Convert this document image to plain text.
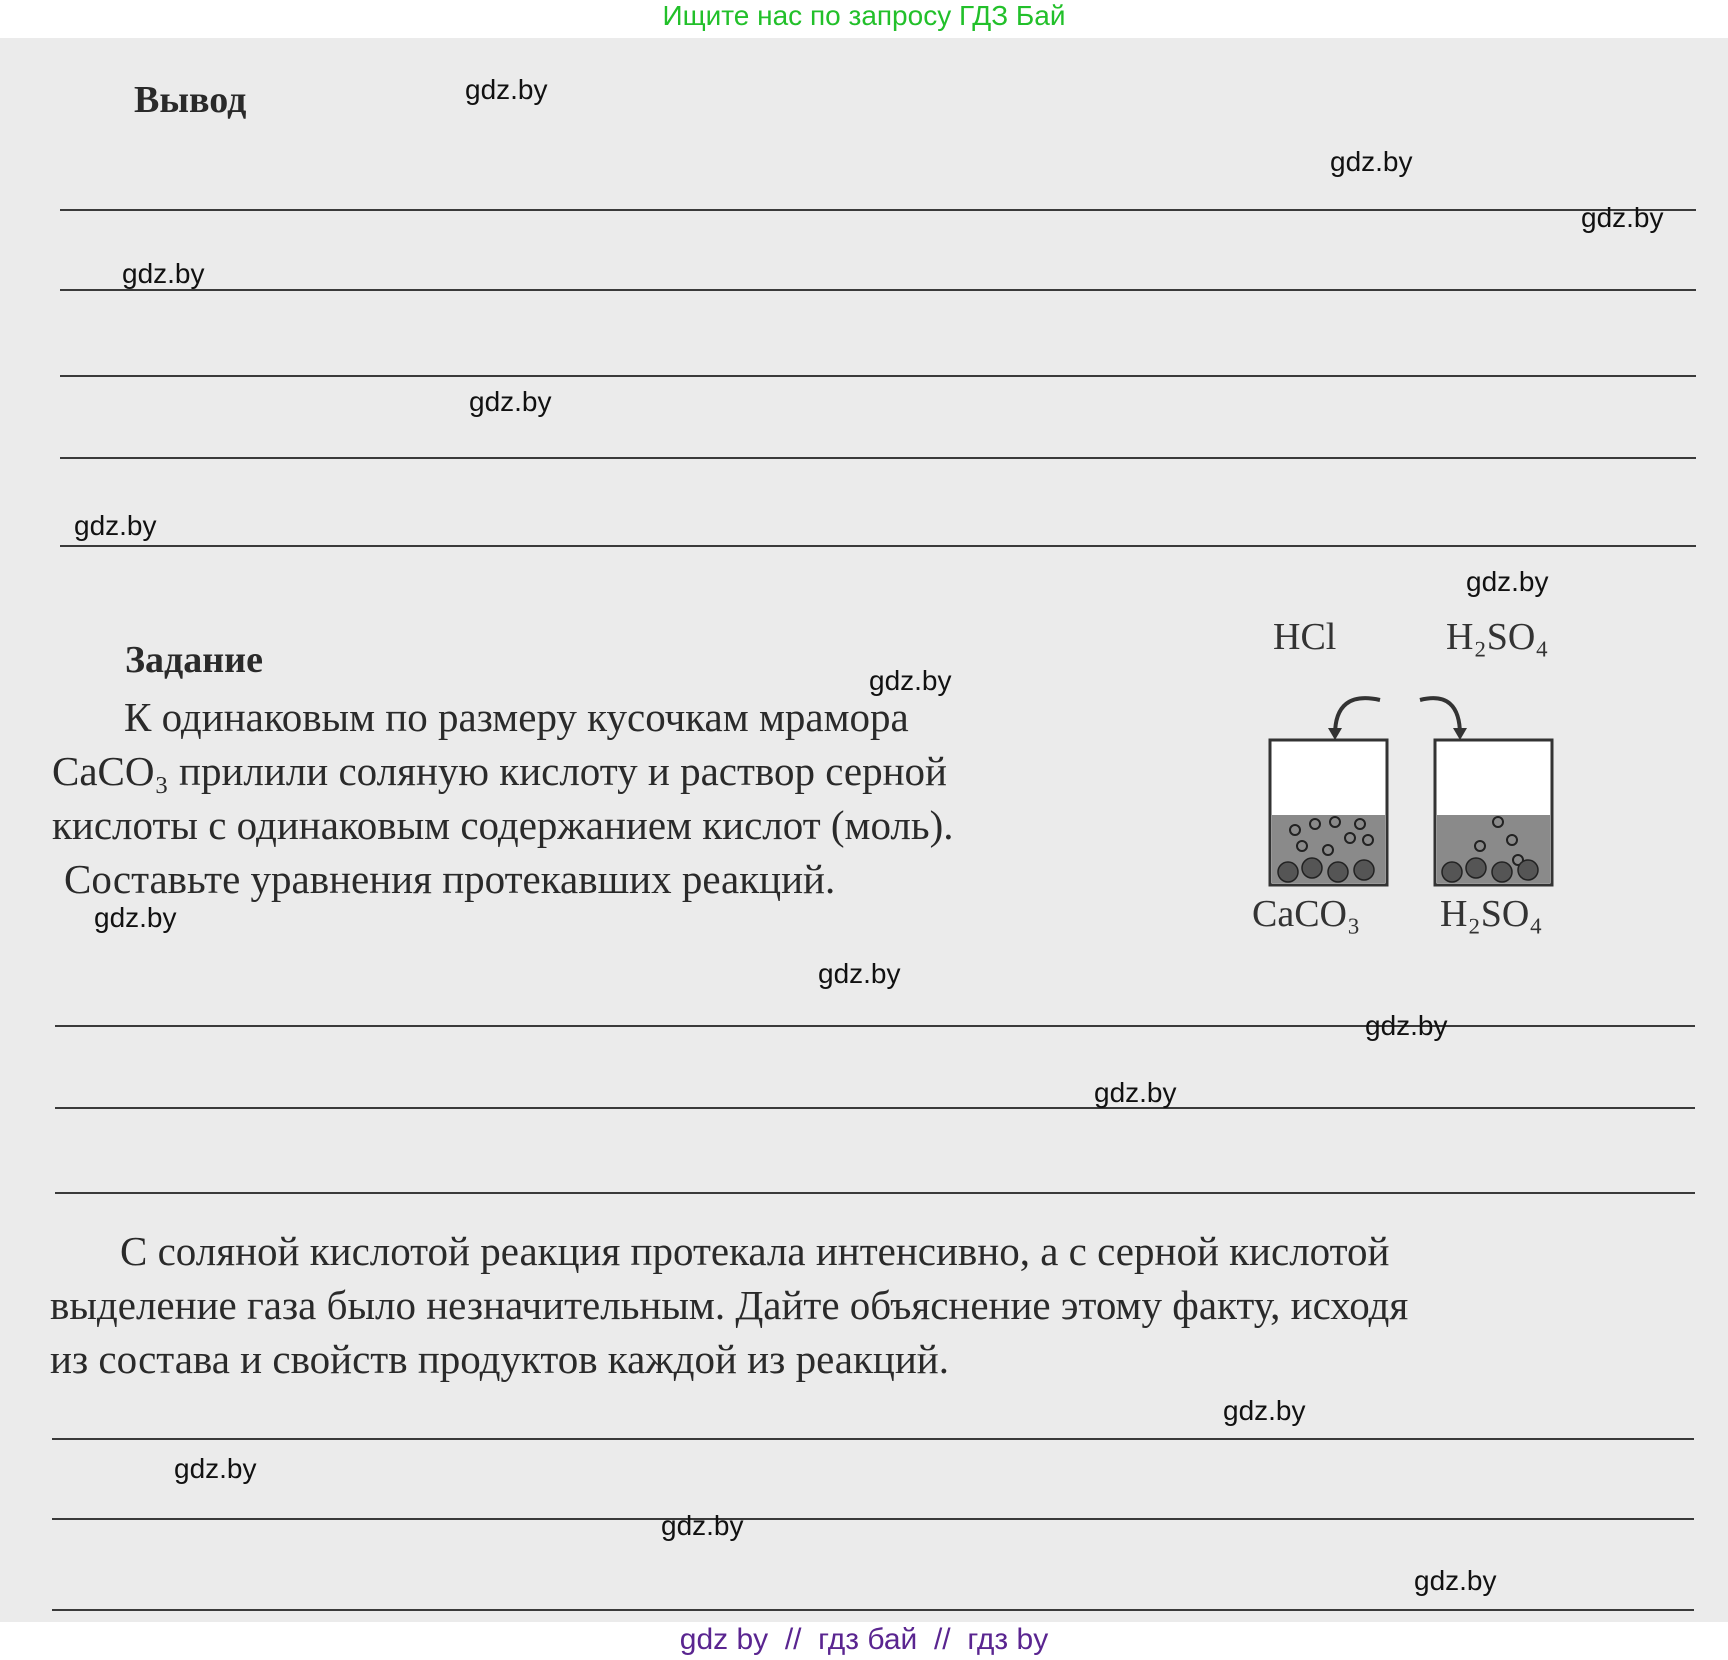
Ищите нас по запросу ГДЗ Бай
Вывод
Задание
К одинаковым по размеру кусочкам мрамора
CaCO₃ прилили соляную кислоту и раствор серной
кислоты с одинаковым содержанием кислот (моль).
Составьте уравнения протекавших реакций.
HCl	H₂SO₄
CaCO₃ H₂SO₄
С соляной кислотой реакция протекала интенсивно, а с серной кислотой
выделение газа было незначительным. Дайте объяснение этому факту, исходя
из состава и свойств продуктов каждой из реакций.
gdz.by
gdz.by
gdz.by
gdz.by
gdz.by
gdz.by
gdz.by
gdz.by
gdz.by
gdz.by
gdz.by
gdz.by
gdz.by
gdz.by
gdz.by
gdz.by
gdz by  //  гдз бай  //  гдз by
